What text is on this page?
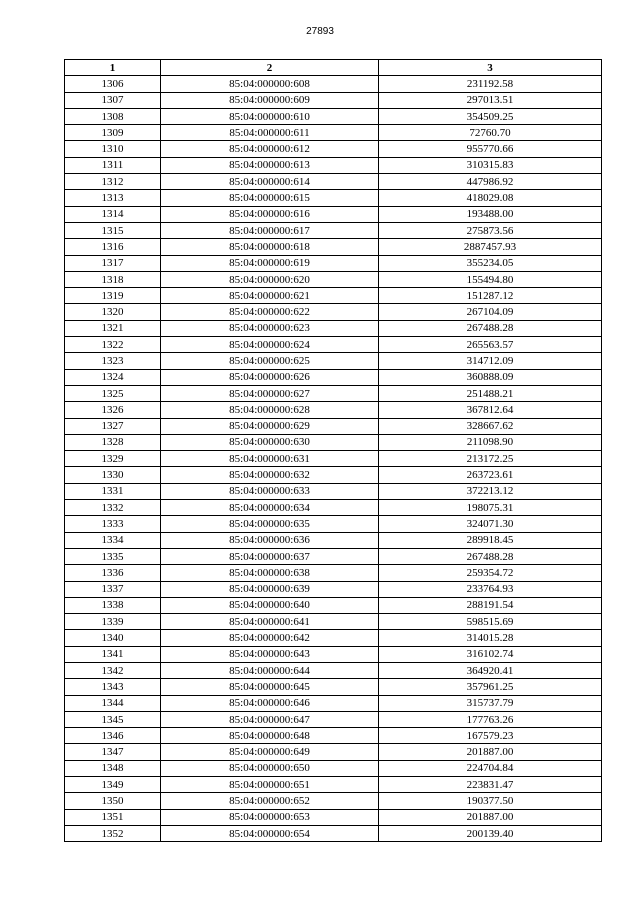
27893
1	2	3
1306	85:04:000000:608	231192.58
1307	85:04:000000:609	297013.51
1308	85:04:000000:610	354509.25
1309	85:04:000000:611	72760.70
1310	85:04:000000:612	955770.66
1311	85:04:000000:613	310315.83
1312	85:04:000000:614	447986.92
1313	85:04:000000:615	418029.08
1314	85:04:000000:616	193488.00
1315	85:04:000000:617	275873.56
1316	85:04:000000:618	2887457.93
1317	85:04:000000:619	355234.05
1318	85:04:000000:620	155494.80
1319	85:04:000000:621	151287.12
1320	85:04:000000:622	267104.09
1321	85:04:000000:623	267488.28
1322	85:04:000000:624	265563.57
1323	85:04:000000:625	314712.09
1324	85:04:000000:626	360888.09
1325	85:04:000000:627	251488.21
1326	85:04:000000:628	367812.64
1327	85:04:000000:629	328667.62
1328	85:04:000000:630	211098.90
1329	85:04:000000:631	213172.25
1330	85:04:000000:632	263723.61
1331	85:04:000000:633	372213.12
1332	85:04:000000:634	198075.31
1333	85:04:000000:635	324071.30
1334	85:04:000000:636	289918.45
1335	85:04:000000:637	267488.28
1336	85:04:000000:638	259354.72
1337	85:04:000000:639	233764.93
1338	85:04:000000:640	288191.54
1339	85:04:000000:641	598515.69
1340	85:04:000000:642	314015.28
1341	85:04:000000:643	316102.74
1342	85:04:000000:644	364920.41
1343	85:04:000000:645	357961.25
1344	85:04:000000:646	315737.79
1345	85:04:000000:647	177763.26
1346	85:04:000000:648	167579.23
1347	85:04:000000:649	201887.00
1348	85:04:000000:650	224704.84
1349	85:04:000000:651	223831.47
1350	85:04:000000:652	190377.50
1351	85:04:000000:653	201887.00
1352	85:04:000000:654	200139.40
